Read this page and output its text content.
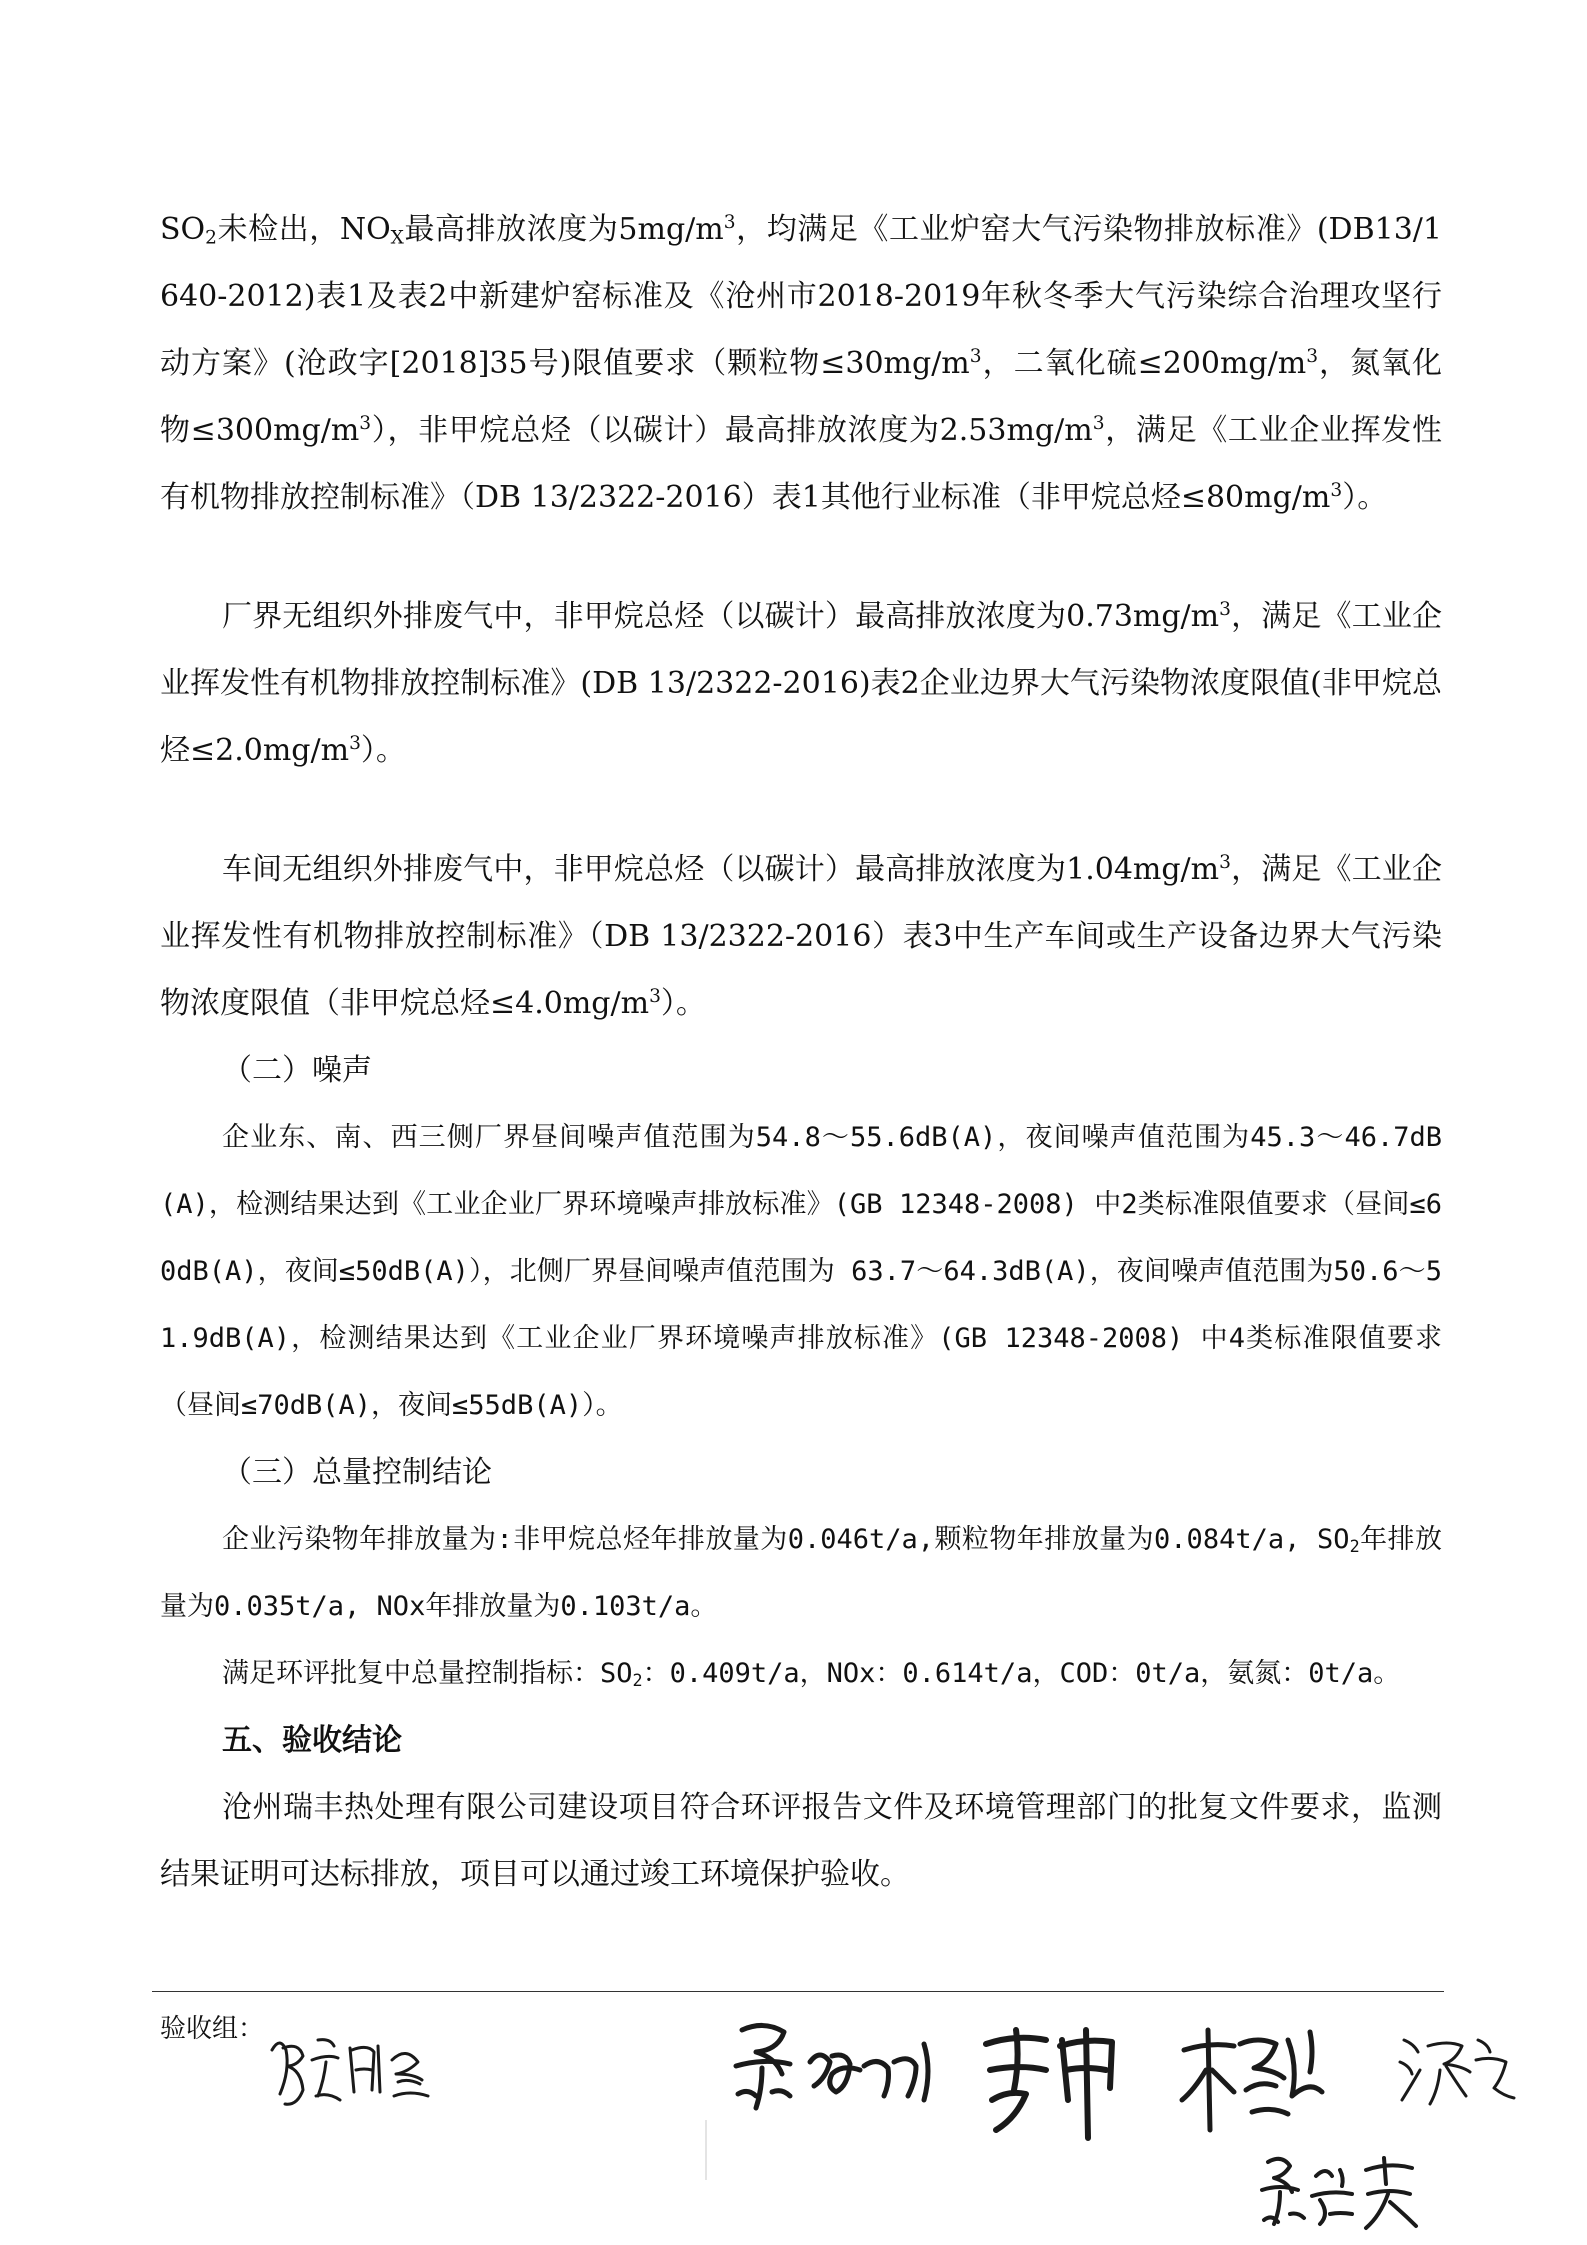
$SO_2$未检出，$NO_X$最高排放浓度为$5mg/m^3$，均满足《工业炉窑大气污染物排放标准》(DB13/1640-2012)表1及表2中新建炉窑标准及《沧州市2018-2019年秋冬季大气污染综合治理攻坚行动方案》(沧政字[2018]35号)限值要求（颗粒物$\le 30mg/m^3$，二氧化硫$\le 200mg/m^3$，氮氧化物$\le 300mg/m^3$），非甲烷总烃（以碳计）最高排放浓度为$2.53mg/m^3$，满足《工业企业挥发性有机物排放控制标准》（DB 13/2322-2016）表1其他行业标准（非甲烷总烃$\le 80mg/m^3$）。

厂界无组织外排废气中，非甲烷总烃（以碳计）最高排放浓度为$0.73mg/m^3$，满足《工业企业挥发性有机物排放控制标准》(DB 13/2322-2016)表2企业边界大气污染物浓度限值(非甲烷总烃$\le 2.0mg/m^3$）。

车间无组织外排废气中，非甲烷总烃（以碳计）最高排放浓度为$1.04mg/m^3$，满足《工业企业挥发性有机物排放控制标准》（DB 13/2322-2016）表3中生产车间或生产设备边界大气污染物浓度限值（非甲烷总烃$\le 4.0mg/m^3$）。

（二）噪声

企业东、南、西三侧厂界昼间噪声值范围为54.8～55.6dB(A)，夜间噪声值范围为45.3～46.7dB(A)，检测结果达到《工业企业厂界环境噪声排放标准》(GB 12348-2008) 中2类标准限值要求（昼间≤60dB(A)，夜间≤50dB(A)），北侧厂界昼间噪声值范围为 63.7～64.3dB(A)，夜间噪声值范围为50.6～51.9dB(A)，检测结果达到《工业企业厂界环境噪声排放标准》(GB 12348-2008) 中4类标准限值要求（昼间≤70dB(A)，夜间≤55dB(A)）。

（三）总量控制结论

企业污染物年排放量为:非甲烷总烃年排放量为0.046t/a,颗粒物年排放量为0.084t/a, $SO_2$年排放量为0.035t/a, NOx年排放量为0.103t/a。

满足环评批复中总量控制指标：$SO_2$：0.409t/a，NOx：0.614t/a，COD：0t/a，氨氮：0t/a。

五、验收结论

沧州瑞丰热处理有限公司建设项目符合环评报告文件及环境管理部门的批复文件要求，监测结果证明可达标排放，项目可以通过竣工环境保护验收。

验收组：
